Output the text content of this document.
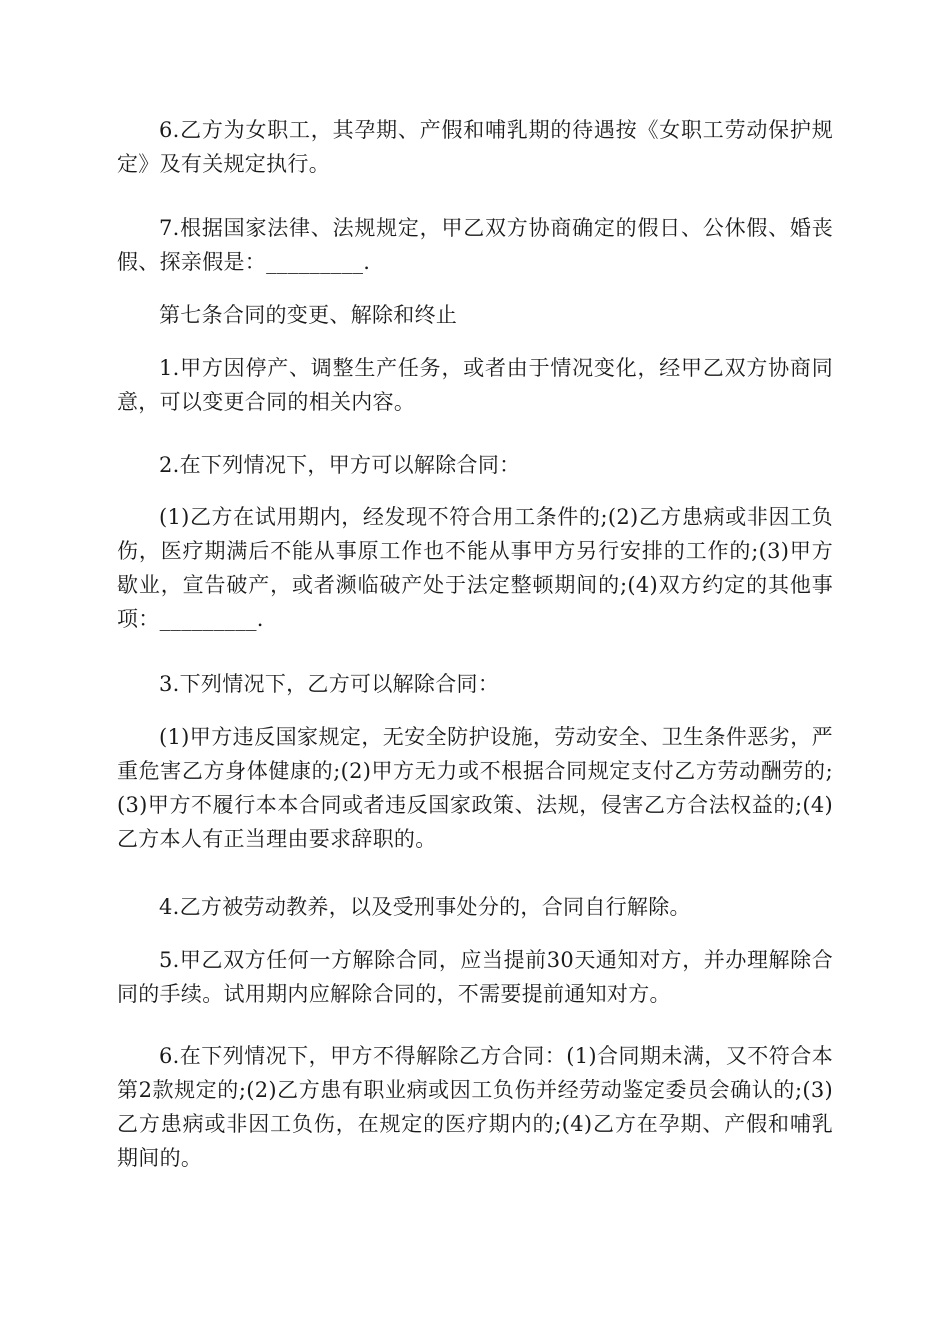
6.乙方为女职工，其孕期、产假和哺乳期的待遇按《女职工劳动保护规定》及有关规定执行。

7.根据国家法律、法规规定，甲乙双方协商确定的假日、公休假、婚丧假、探亲假是：_________.

第七条合同的变更、解除和终止

1.甲方因停产、调整生产任务，或者由于情况变化，经甲乙双方协商同意，可以变更合同的相关内容。

2.在下列情况下，甲方可以解除合同：

(1)乙方在试用期内，经发现不符合用工条件的;(2)乙方患病或非因工负伤，医疗期满后不能从事原工作也不能从事甲方另行安排的工作的;(3)甲方歇业，宣告破产，或者濒临破产处于法定整顿期间的;(4)双方约定的其他事项：_________.

3.下列情况下，乙方可以解除合同：

(1)甲方违反国家规定，无安全防护设施，劳动安全、卫生条件恶劣，严重危害乙方身体健康的;(2)甲方无力或不根据合同规定支付乙方劳动酬劳的;(3)甲方不履行本本合同或者违反国家政策、法规，侵害乙方合法权益的;(4)乙方本人有正当理由要求辞职的。

4.乙方被劳动教养，以及受刑事处分的，合同自行解除。

5.甲乙双方任何一方解除合同，应当提前30天通知对方，并办理解除合同的手续。试用期内应解除合同的，不需要提前通知对方。

6.在下列情况下，甲方不得解除乙方合同：(1)合同期未满，又不符合本第2款规定的;(2)乙方患有职业病或因工负伤并经劳动鉴定委员会确认的;(3)乙方患病或非因工负伤，在规定的医疗期内的;(4)乙方在孕期、产假和哺乳期间的。
